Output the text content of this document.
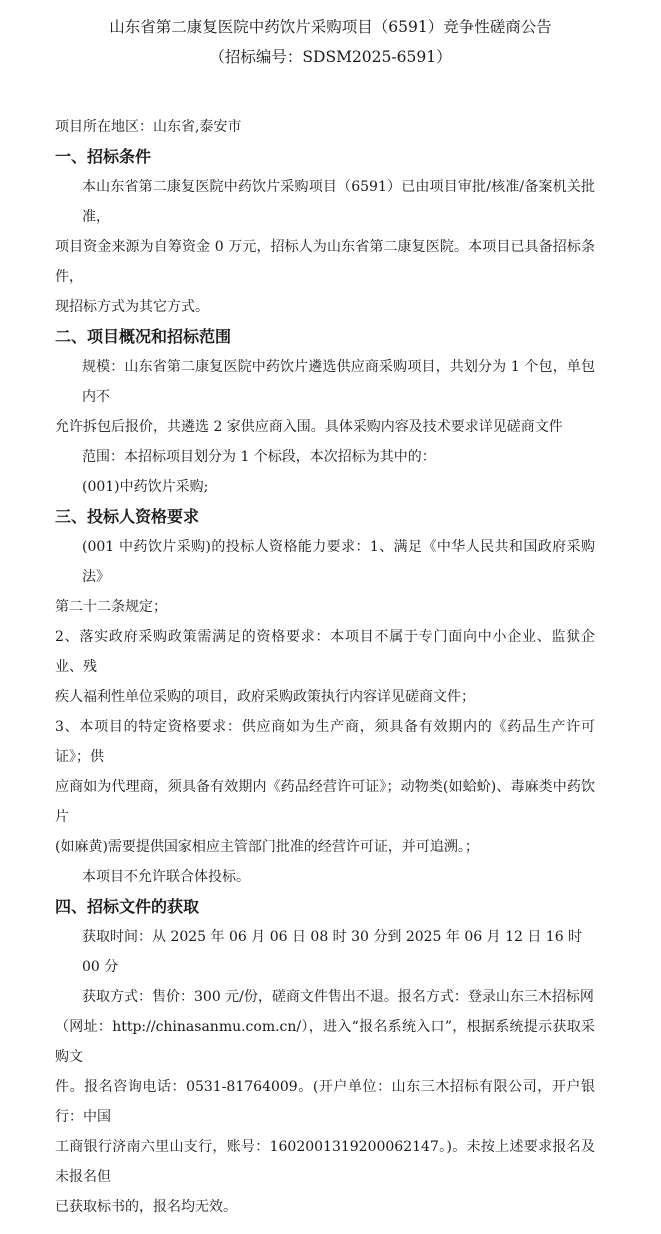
山东省第二康复医院中药饮片采购项目（6591）竞争性磋商公告
（招标编号：SDSM2025-6591）
项目所在地区：山东省,泰安市
一、招标条件
本山东省第二康复医院中药饮片采购项目（6591）已由项目审批/核准/备案机关批准，
项目资金来源为自筹资金 0 万元，招标人为山东省第二康复医院。本项目已具备招标条件，
现招标方式为其它方式。
二、项目概况和招标范围
规模：山东省第二康复医院中药饮片遴选供应商采购项目，共划分为 1 个包，单包内不
允许拆包后报价，共遴选 2 家供应商入围。具体采购内容及技术要求详见磋商文件
范围：本招标项目划分为 1 个标段，本次招标为其中的：
(001)中药饮片采购;
三、投标人资格要求
(001 中药饮片采购)的投标人资格能力要求：1、满足《中华人民共和国政府采购法》
第二十二条规定；
2、落实政府采购政策需满足的资格要求：本项目不属于专门面向中小企业、监狱企业、残
疾人福利性单位采购的项目，政府采购政策执行内容详见磋商文件；
3、本项目的特定资格要求：供应商如为生产商，须具备有效期内的《药品生产许可证》；供
应商如为代理商，须具备有效期内《药品经营许可证》；动物类(如蛤蚧)、毒麻类中药饮片
(如麻黄)需要提供国家相应主管部门批准的经营许可证，并可追溯。；
本项目不允许联合体投标。
四、招标文件的获取
获取时间：从 2025 年 06 月 06 日 08 时 30 分到 2025 年 06 月 12 日 16 时 00 分
获取方式：售价：300 元/份，磋商文件售出不退。报名方式：登录山东三木招标网
（网址：http://chinasanmu.com.cn/），进入“报名系统入口”，根据系统提示获取采购文
件。报名咨询电话：0531-81764009。(开户单位：山东三木招标有限公司，开户银行：中国
工商银行济南六里山支行，账号：1602001319200062147。)。未按上述要求报名及未报名但
已获取标书的，报名均无效。
